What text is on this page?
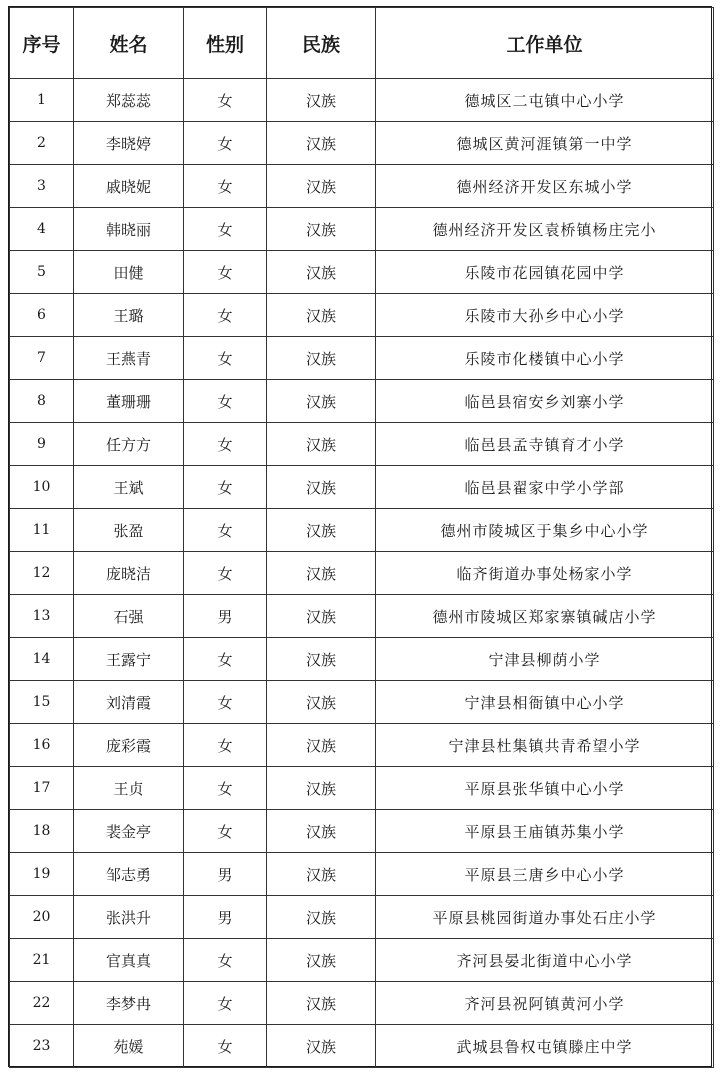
序号	姓名	性别	民族	工作单位
1	郑蕊蕊	女	汉族	德城区二屯镇中心小学
2	李晓婷	女	汉族	德城区黄河涯镇第一中学
3	戚晓妮	女	汉族	德州经济开发区东城小学
4	韩晓丽	女	汉族	德州经济开发区袁桥镇杨庄完小
5	田健	女	汉族	乐陵市花园镇花园中学
6	王璐	女	汉族	乐陵市大孙乡中心小学
7	王燕青	女	汉族	乐陵市化楼镇中心小学
8	董珊珊	女	汉族	临邑县宿安乡刘寨小学
9	任方方	女	汉族	临邑县孟寺镇育才小学
10	王斌	女	汉族	临邑县翟家中学小学部
11	张盈	女	汉族	德州市陵城区于集乡中心小学
12	庞晓洁	女	汉族	临齐街道办事处杨家小学
13	石强	男	汉族	德州市陵城区郑家寨镇碱店小学
14	王露宁	女	汉族	宁津县柳荫小学
15	刘清霞	女	汉族	宁津县相衙镇中心小学
16	庞彩霞	女	汉族	宁津县杜集镇共青希望小学
17	王贞	女	汉族	平原县张华镇中心小学
18	裴金亭	女	汉族	平原县王庙镇苏集小学
19	邹志勇	男	汉族	平原县三唐乡中心小学
20	张洪升	男	汉族	平原县桃园街道办事处石庄小学
21	官真真	女	汉族	齐河县晏北街道中心小学
22	李梦冉	女	汉族	齐河县祝阿镇黄河小学
23	苑媛	女	汉族	武城县鲁权屯镇滕庄中学
